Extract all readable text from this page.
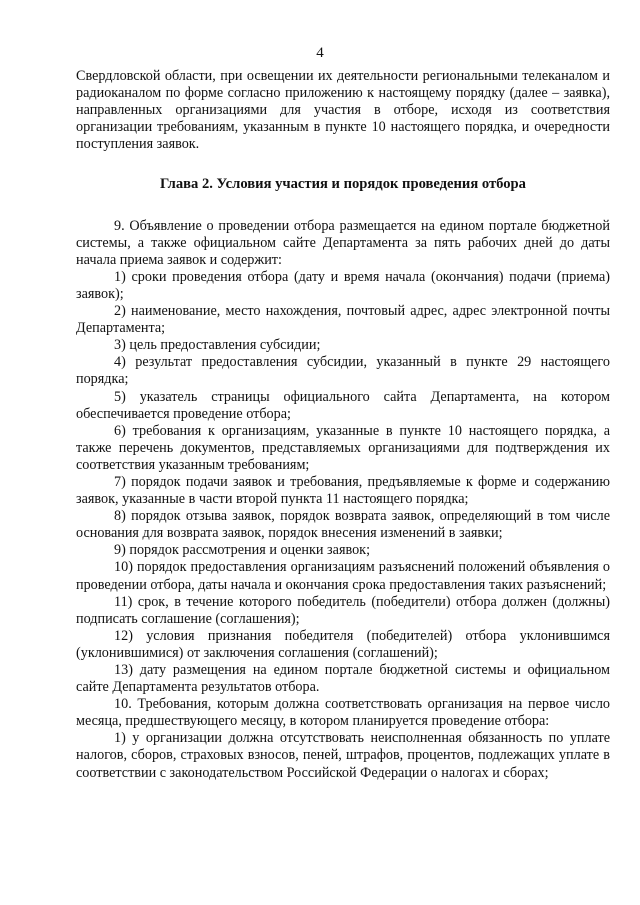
4

Свердловской области, при освещении их деятельности региональными телеканалом и радиоканалом по форме согласно приложению к настоящему порядку (далее – заявка), направленных организациями для участия в отборе, исходя из соответствия организации требованиям, указанным в пункте 10 настоящего порядка, и очередности поступления заявок.

Глава 2. Условия участия и порядок проведения отбора

9. Объявление о проведении отбора размещается на едином портале бюджетной системы, а также официальном сайте Департамента за пять рабочих дней до даты начала приема заявок и содержит:

1) сроки проведения отбора (дату и время начала (окончания) подачи (приема) заявок);

2) наименование, место нахождения, почтовый адрес, адрес электронной почты Департамента;

3) цель предоставления субсидии;

4) результат предоставления субсидии, указанный в пункте 29 настоящего порядка;

5) указатель страницы официального сайта Департамента, на котором обеспечивается проведение отбора;

6) требования к организациям, указанные в пункте 10 настоящего порядка, а также перечень документов, представляемых организациями для подтверждения их соответствия указанным требованиям;

7) порядок подачи заявок и требования, предъявляемые к форме и содержанию заявок, указанные в части второй пункта 11 настоящего порядка;

8) порядок отзыва заявок, порядок возврата заявок, определяющий в том числе основания для возврата заявок, порядок внесения изменений в заявки;

9) порядок рассмотрения и оценки заявок;

10) порядок предоставления организациям разъяснений положений объявления о проведении отбора, даты начала и окончания срока предоставления таких разъяснений;

11) срок, в течение которого победитель (победители) отбора должен (должны) подписать соглашение (соглашения);

12) условия признания победителя (победителей) отбора уклонившимся (уклонившимися) от заключения соглашения (соглашений);

13) дату размещения на едином портале бюджетной системы и официальном сайте Департамента результатов отбора.

10. Требования, которым должна соответствовать организация на первое число месяца, предшествующего месяцу, в котором планируется проведение отбора:

1) у организации должна отсутствовать неисполненная обязанность по уплате налогов, сборов, страховых взносов, пеней, штрафов, процентов, подлежащих уплате в соответствии с законодательством Российской Федерации о налогах и сборах;
